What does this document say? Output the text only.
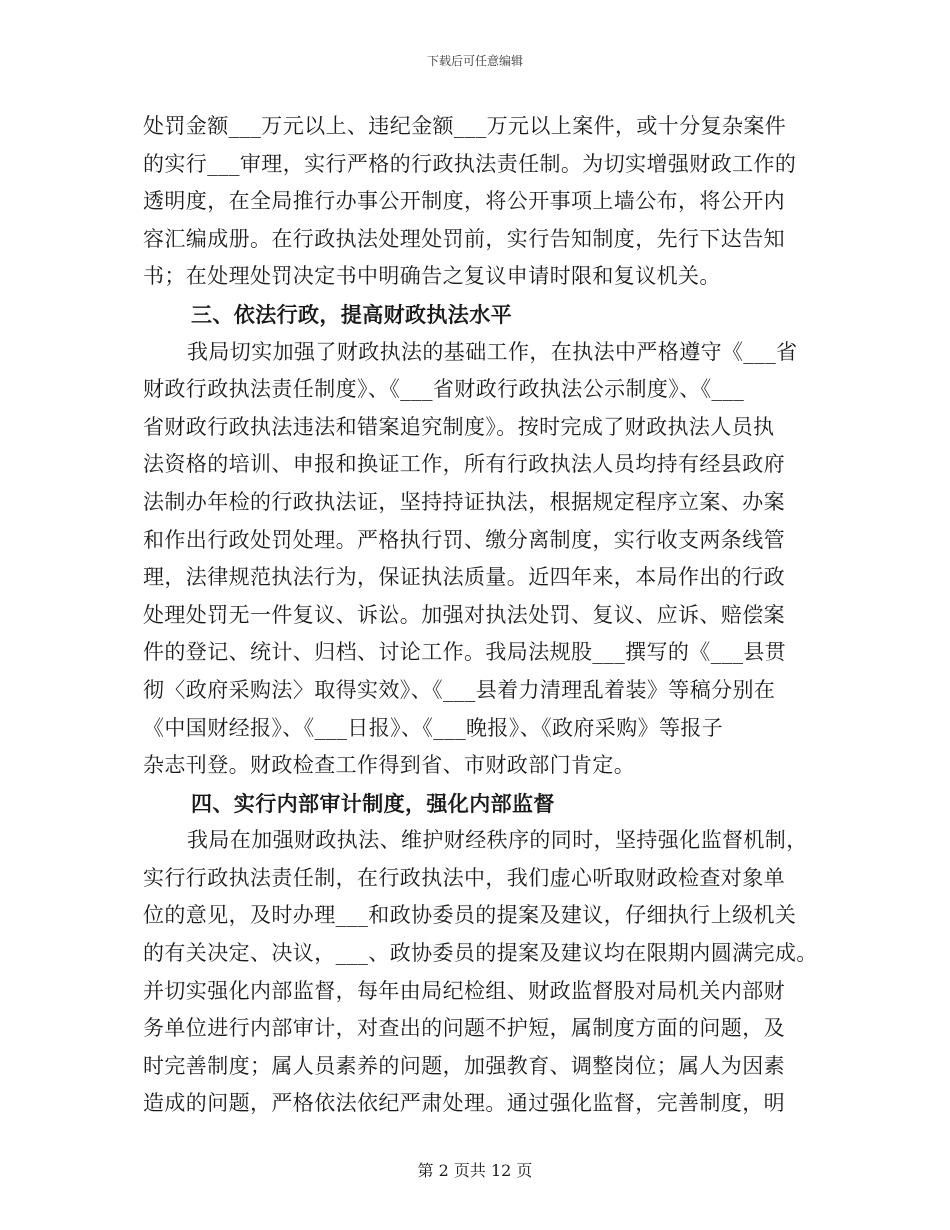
下载后可任意编辑
处罚金额___万元以上、违纪金额___万元以上案件，或十分复杂案件
的实行___审理，实行严格的行政执法责任制。为切实增强财政工作的
透明度，在全局推行办事公开制度，将公开事项上墙公布，将公开内
容汇编成册。在行政执法处理处罚前，实行告知制度，先行下达告知
书；在处理处罚决定书中明确告之复议申请时限和复议机关。
三、依法行政，提高财政执法水平
我局切实加强了财政执法的基础工作，在执法中严格遵守《___省
财政行政执法责任制度》、《___省财政行政执法公示制度》、《___
省财政行政执法违法和错案追究制度》。按时完成了财政执法人员执
法资格的培训、申报和换证工作，所有行政执法人员均持有经县政府
法制办年检的行政执法证，坚持持证执法，根据规定程序立案、办案
和作出行政处罚处理。严格执行罚、缴分离制度，实行收支两条线管
理，法律规范执法行为，保证执法质量。近四年来，本局作出的行政
处理处罚无一件复议、诉讼。加强对执法处罚、复议、应诉、赔偿案
件的登记、统计、归档、讨论工作。我局法规股___撰写的《___县贯
彻〈政府采购法〉取得实效》、《___县着力清理乱着装》等稿分别在
《中国财经报》、《___日报》、《___晚报》、《政府采购》等报子
杂志刊登。财政检查工作得到省、市财政部门肯定。
四、实行内部审计制度，强化内部监督
我局在加强财政执法、维护财经秩序的同时，坚持强化监督机制，
实行行政执法责任制，在行政执法中，我们虚心听取财政检查对象单
位的意见，及时办理___和政协委员的提案及建议，仔细执行上级机关
的有关决定、决议，___、政协委员的提案及建议均在限期内圆满完成。
并切实强化内部监督，每年由局纪检组、财政监督股对局机关内部财
务单位进行内部审计，对查出的问题不护短，属制度方面的问题，及
时完善制度；属人员素养的问题，加强教育、调整岗位；属人为因素
造成的问题，严格依法依纪严肃处理。通过强化监督，完善制度，明
第 2 页共 12 页
